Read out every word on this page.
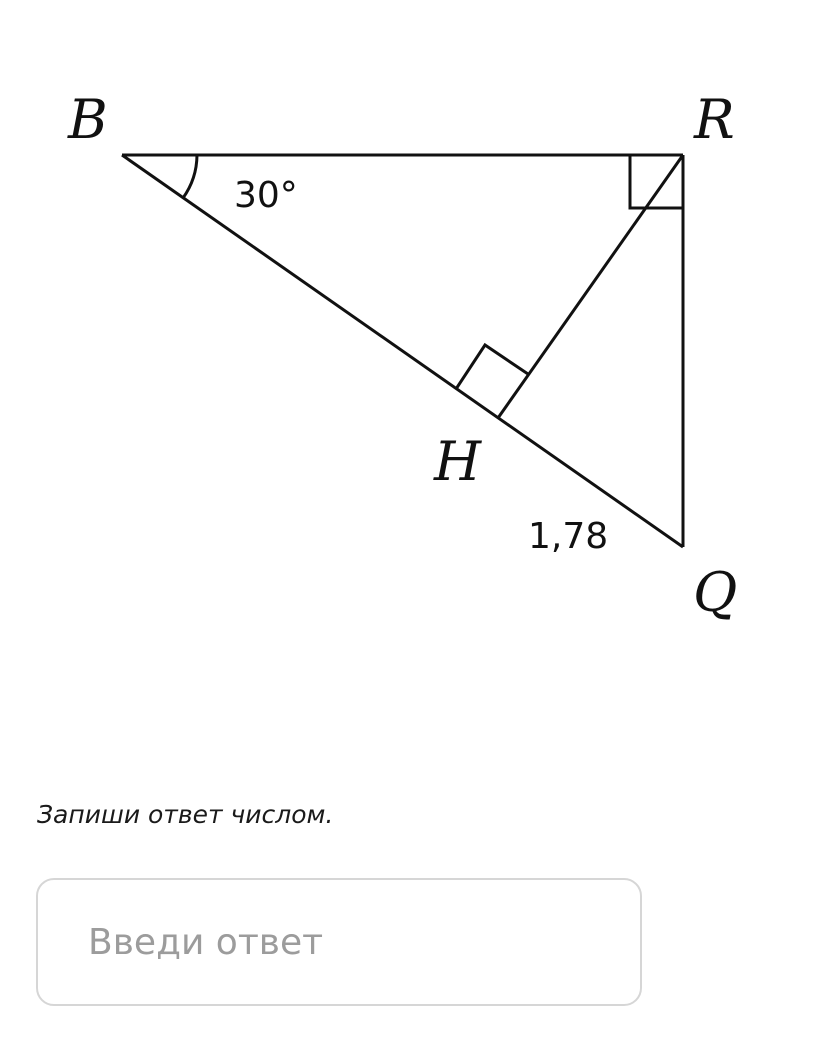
B	R
H
Q
30°
1,78

Запиши ответ числом.

Введи ответ
